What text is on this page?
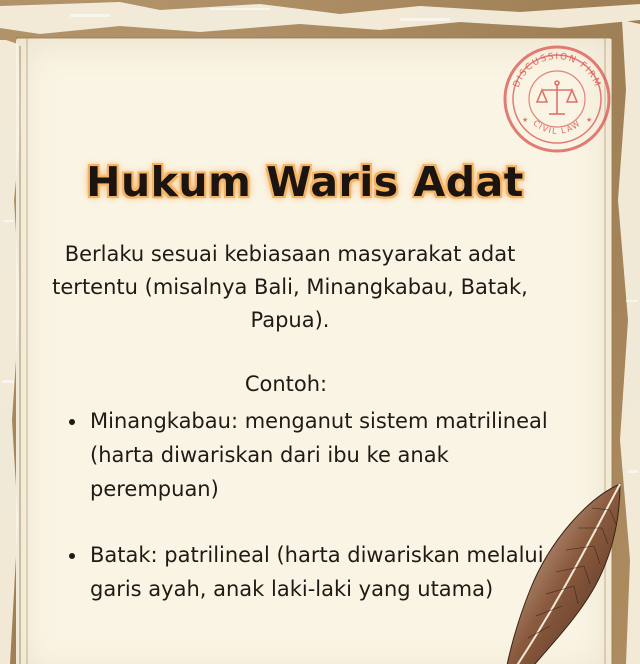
DISCUSSION FIRM
CIVIL LAW
★	★
Hukum Waris Adat
Berlaku sesuai kebiasaan masyarakat adat tertentu (misalnya Bali, Minangkabau, Batak, Papua).
Contoh:
• Minangkabau: menganut sistem matrilineal (harta diwariskan dari ibu ke anak perempuan)
• Batak: patrilineal (harta diwariskan melalui garis ayah, anak laki-laki yang utama)
